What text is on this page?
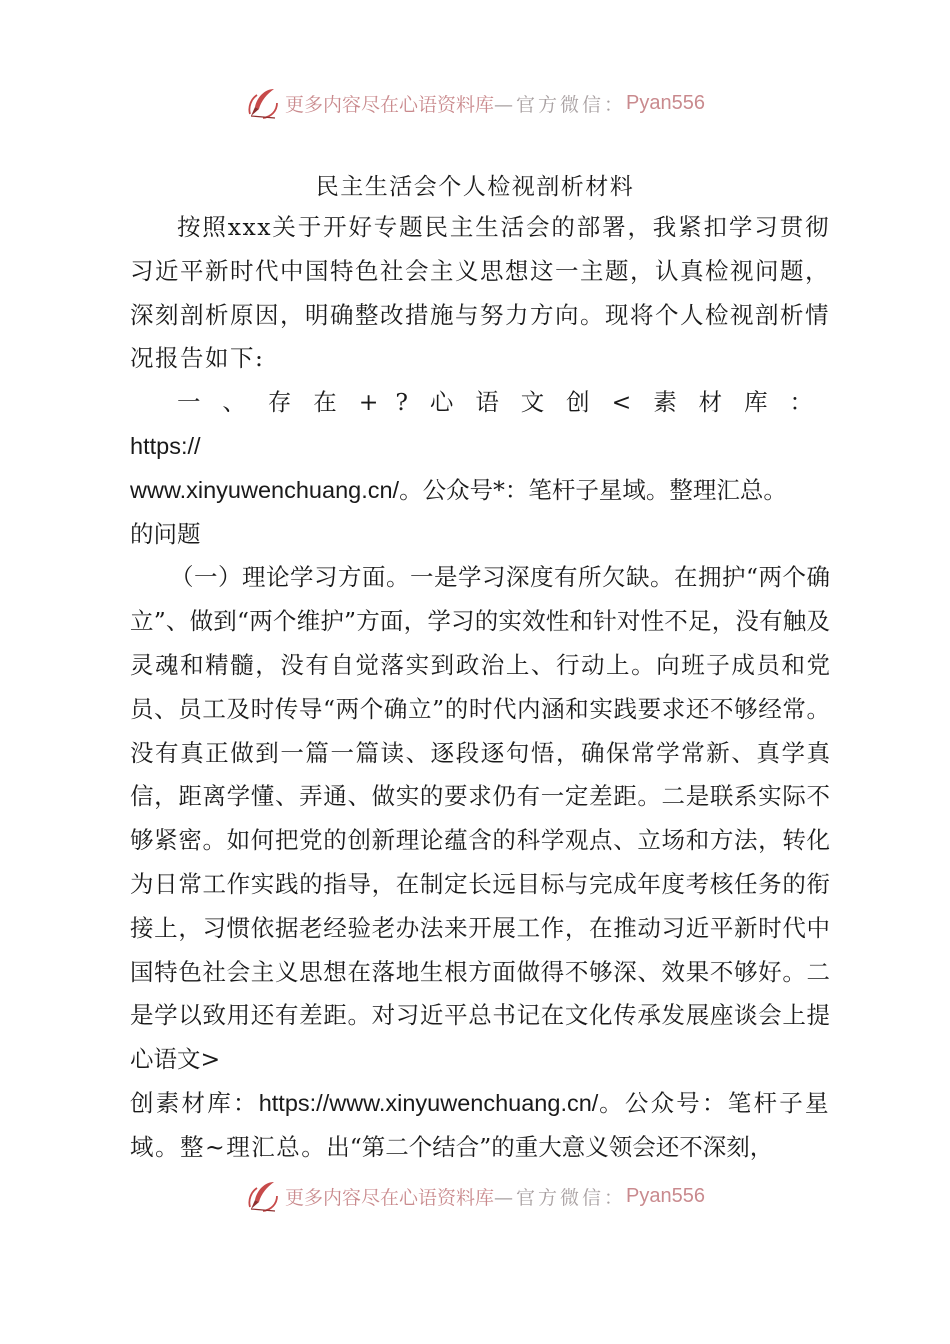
更多内容尽在心语资料库 —官方微信： Pyan556
民主生活会个人检视剖析材料

按照xxx关于开好专题民主生活会的部署，我紧扣学习贯彻习近平新时代中国特色社会主义思想这一主题，认真检视问题，深刻剖析原因，明确整改措施与努力方向。现将个人检视剖析情况报告如下:

一、存在+?心语文创<素材库：https://
www.xinyuwenchuang.cn/。公众号*：笔杆子星域。整理汇总。
的问题

（一）理论学习方面。一是学习深度有所欠缺。在拥护“两个确立”、做到“两个维护”方面，学习的实效性和针对性不足，没有触及灵魂和精髓，没有自觉落实到政治上、行动上。向班子成员和党员、员工及时传导“两个确立”的时代内涵和实践要求还不够经常。没有真正做到一篇一篇读、逐段逐句悟，确保常学常新、真学真信，距离学懂、弄通、做实的要求仍有一定差距。二是联系实际不够紧密。如何把党的创新理论蕴含的科学观点、立场和方法，转化为日常工作实践的指导，在制定长远目标与完成年度考核任务的衔接上，习惯依据老经验老办法来开展工作，在推动习近平新时代中国特色社会主义思想在落地生根方面做得不够深、效果不够好。二是学以致用还有差距。对习近平总书记在文化传承发展座谈会上提心语文>

创素材库：https://www.xinyuwenchuang.cn/。公众号：笔杆子星域。整~理汇总。出“第二个结合”的重大意义领会还不深刻，

更多内容尽在心语资料库 —官方微信： Pyan556
